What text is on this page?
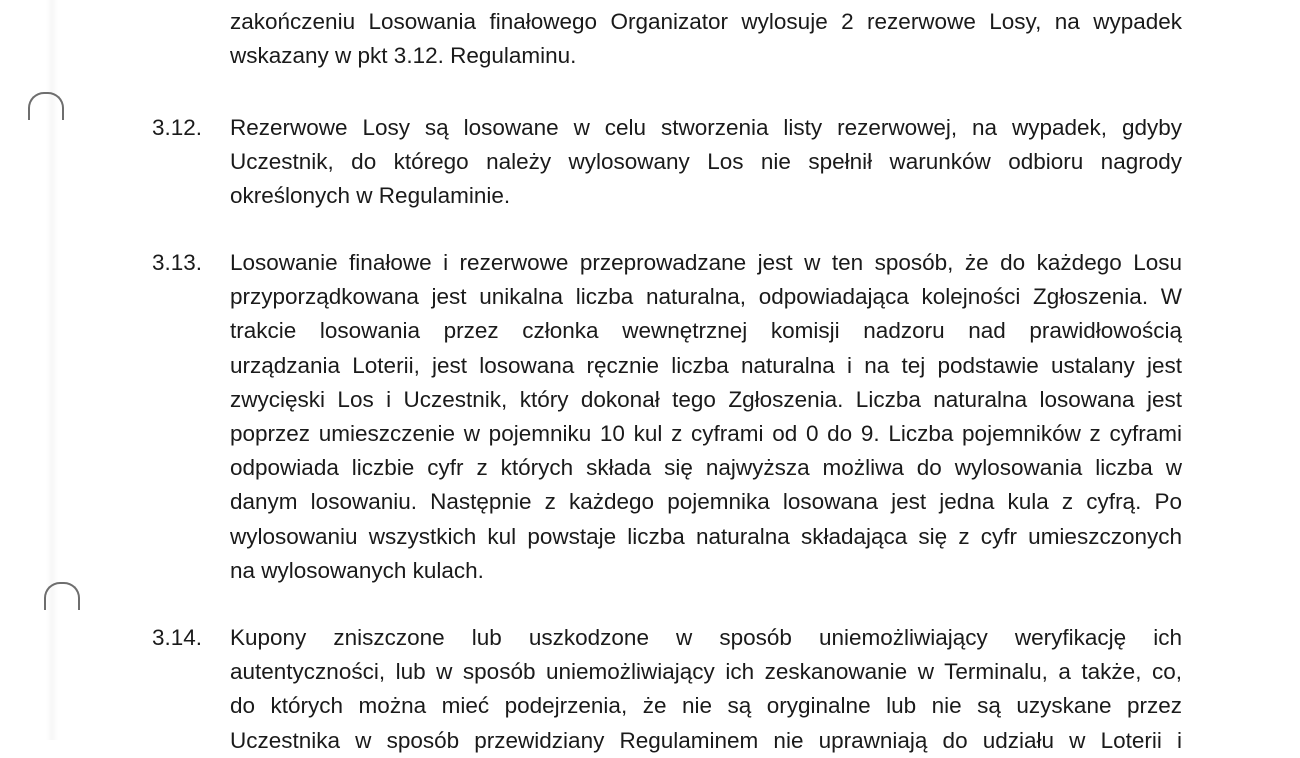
zakończeniu Losowania finałowego Organizator wylosuje 2 rezerwowe Losy, na wypadek
wskazany w pkt 3.12. Regulaminu.
3.12.	Rezerwowe Losy są losowane w celu stworzenia listy rezerwowej, na wypadek, gdyby
Uczestnik, do którego należy wylosowany Los nie spełnił warunków odbioru nagrody
określonych w Regulaminie.
3.13.	Losowanie finałowe i rezerwowe przeprowadzane jest w ten sposób, że do każdego Losu
przyporządkowana jest unikalna liczba naturalna, odpowiadająca kolejności Zgłoszenia. W
trakcie losowania przez członka wewnętrznej komisji nadzoru nad prawidłowością
urządzania Loterii, jest losowana ręcznie liczba naturalna i na tej podstawie ustalany jest
zwycięski Los i Uczestnik, który dokonał tego Zgłoszenia. Liczba naturalna losowana jest
poprzez umieszczenie w pojemniku 10 kul z cyframi od 0 do 9. Liczba pojemników z cyframi
odpowiada liczbie cyfr z których składa się najwyższa możliwa do wylosowania liczba w
danym losowaniu. Następnie z każdego pojemnika losowana jest jedna kula z cyfrą. Po
wylosowaniu wszystkich kul powstaje liczba naturalna składająca się z cyfr umieszczonych
na wylosowanych kulach.
3.14.	Kupony zniszczone lub uszkodzone w sposób uniemożliwiający weryfikację ich
autentyczności, lub w sposób uniemożliwiający ich zeskanowanie w Terminalu, a także, co,
do których można mieć podejrzenia, że nie są oryginalne lub nie są uzyskane przez
Uczestnika w sposób przewidziany Regulaminem nie uprawniają do udziału w Loterii i
